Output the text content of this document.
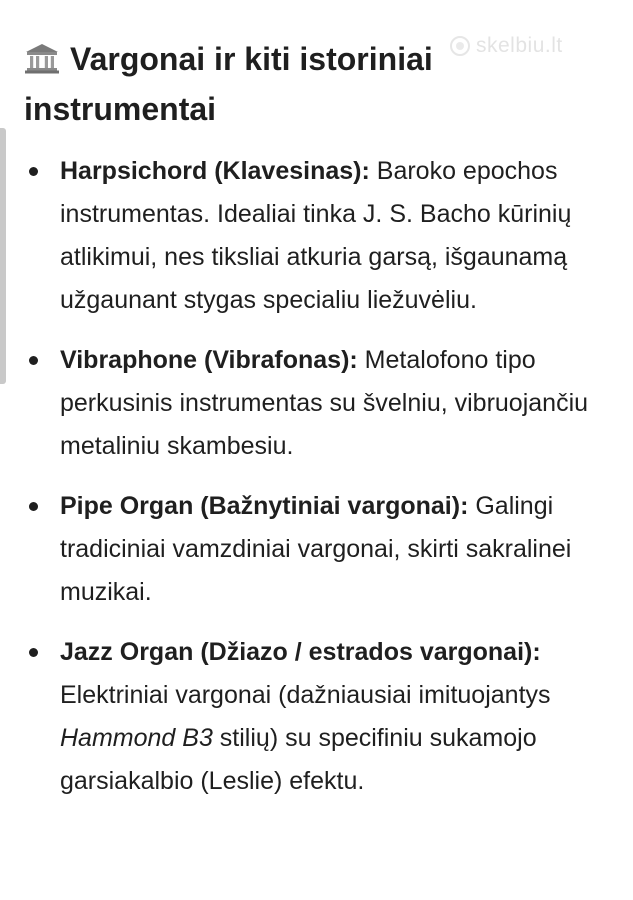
skelbiu.lt
Vargonai ir kiti istoriniai instrumentai
Harpsichord (Klavesinas): Baroko epochos instrumentas. Idealiai tinka J. S. Bacho kūrinių atlikimui, nes tiksliai atkuria garsą, išgaunamą užgaunant stygas specialiu liežuvėliu.
Vibraphone (Vibrafonas): Metalofono tipo perkusinis instrumentas su švelniu, vibruojančiu metaliniu skambesiu.
Pipe Organ (Bažnytiniai vargonai): Galingi tradiciniai vamzdiniai vargonai, skirti sakralinei muzikai.
Jazz Organ (Džiazo / estrados vargonai): Elektriniai vargonai (dažniausiai imituojantys Hammond B3 stilių) su specifiniu sukamojo garsiakalbio (Leslie) efektu.
